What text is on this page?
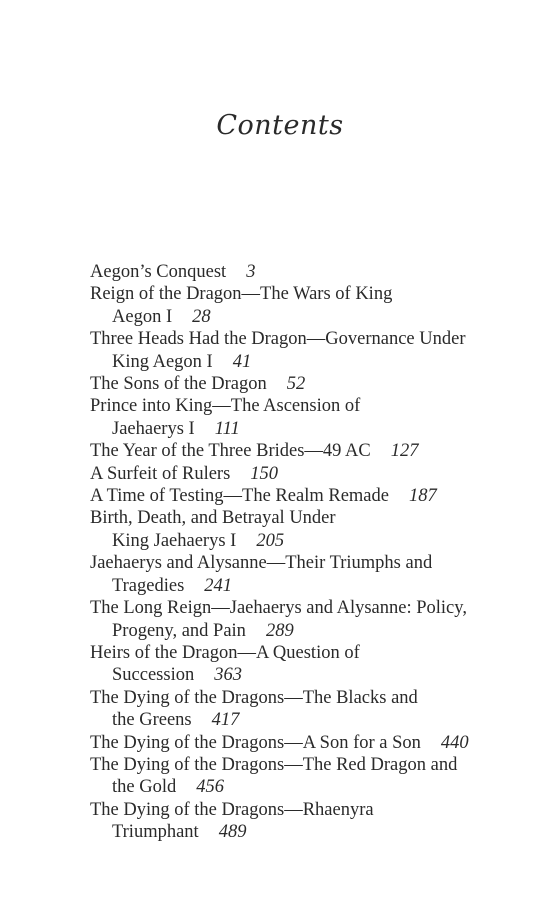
Contents
Aegon’s Conquest 3
Reign of the Dragon—The Wars of King
Aegon I 28
Three Heads Had the Dragon—Governance Under
King Aegon I 41
The Sons of the Dragon 52
Prince into King—The Ascension of
Jaehaerys I 111
The Year of the Three Brides—49 AC 127
A Surfeit of Rulers 150
A Time of Testing—The Realm Remade 187
Birth, Death, and Betrayal Under
King Jaehaerys I 205
Jaehaerys and Alysanne—Their Triumphs and
Tragedies 241
The Long Reign—Jaehaerys and Alysanne: Policy,
Progeny, and Pain 289
Heirs of the Dragon—A Question of
Succession 363
The Dying of the Dragons—The Blacks and
the Greens 417
The Dying of the Dragons—A Son for a Son 440
The Dying of the Dragons—The Red Dragon and
the Gold 456
The Dying of the Dragons—Rhaenyra
Triumphant 489
